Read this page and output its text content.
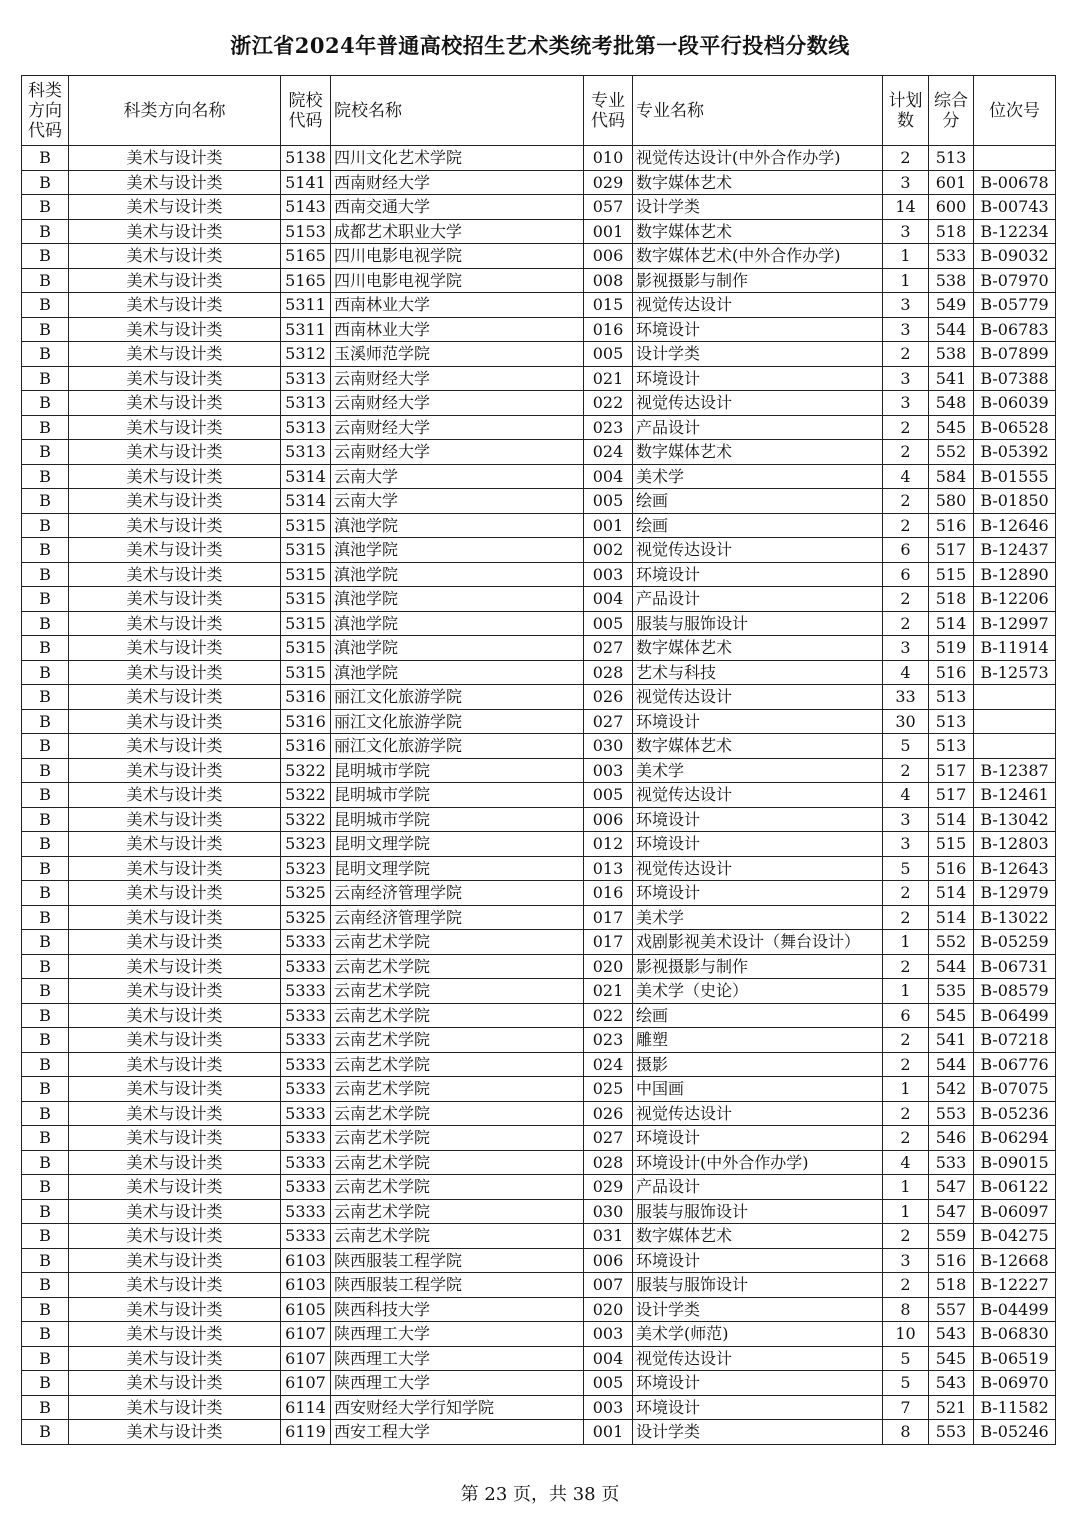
浙江省2024年普通高校招生艺术类统考批第一段平行投档分数线
科类方向代码	科类方向名称	院校代码	院校名称	专业代码	专业名称	计划数	综合分	位次号
B	美术与设计类	5138	四川文化艺术学院	010	视觉传达设计(中外合作办学)	2	513	
B	美术与设计类	5141	西南财经大学	029	数字媒体艺术	3	601	B-00678
B	美术与设计类	5143	西南交通大学	057	设计学类	14	600	B-00743
B	美术与设计类	5153	成都艺术职业大学	001	数字媒体艺术	3	518	B-12234
B	美术与设计类	5165	四川电影电视学院	006	数字媒体艺术(中外合作办学)	1	533	B-09032
B	美术与设计类	5165	四川电影电视学院	008	影视摄影与制作	1	538	B-07970
B	美术与设计类	5311	西南林业大学	015	视觉传达设计	3	549	B-05779
B	美术与设计类	5311	西南林业大学	016	环境设计	3	544	B-06783
B	美术与设计类	5312	玉溪师范学院	005	设计学类	2	538	B-07899
B	美术与设计类	5313	云南财经大学	021	环境设计	3	541	B-07388
B	美术与设计类	5313	云南财经大学	022	视觉传达设计	3	548	B-06039
B	美术与设计类	5313	云南财经大学	023	产品设计	2	545	B-06528
B	美术与设计类	5313	云南财经大学	024	数字媒体艺术	2	552	B-05392
B	美术与设计类	5314	云南大学	004	美术学	4	584	B-01555
B	美术与设计类	5314	云南大学	005	绘画	2	580	B-01850
B	美术与设计类	5315	滇池学院	001	绘画	2	516	B-12646
B	美术与设计类	5315	滇池学院	002	视觉传达设计	6	517	B-12437
B	美术与设计类	5315	滇池学院	003	环境设计	6	515	B-12890
B	美术与设计类	5315	滇池学院	004	产品设计	2	518	B-12206
B	美术与设计类	5315	滇池学院	005	服装与服饰设计	2	514	B-12997
B	美术与设计类	5315	滇池学院	027	数字媒体艺术	3	519	B-11914
B	美术与设计类	5315	滇池学院	028	艺术与科技	4	516	B-12573
B	美术与设计类	5316	丽江文化旅游学院	026	视觉传达设计	33	513	
B	美术与设计类	5316	丽江文化旅游学院	027	环境设计	30	513	
B	美术与设计类	5316	丽江文化旅游学院	030	数字媒体艺术	5	513	
B	美术与设计类	5322	昆明城市学院	003	美术学	2	517	B-12387
B	美术与设计类	5322	昆明城市学院	005	视觉传达设计	4	517	B-12461
B	美术与设计类	5322	昆明城市学院	006	环境设计	3	514	B-13042
B	美术与设计类	5323	昆明文理学院	012	环境设计	3	515	B-12803
B	美术与设计类	5323	昆明文理学院	013	视觉传达设计	5	516	B-12643
B	美术与设计类	5325	云南经济管理学院	016	环境设计	2	514	B-12979
B	美术与设计类	5325	云南经济管理学院	017	美术学	2	514	B-13022
B	美术与设计类	5333	云南艺术学院	017	戏剧影视美术设计（舞台设计）	1	552	B-05259
B	美术与设计类	5333	云南艺术学院	020	影视摄影与制作	2	544	B-06731
B	美术与设计类	5333	云南艺术学院	021	美术学（史论）	1	535	B-08579
B	美术与设计类	5333	云南艺术学院	022	绘画	6	545	B-06499
B	美术与设计类	5333	云南艺术学院	023	雕塑	2	541	B-07218
B	美术与设计类	5333	云南艺术学院	024	摄影	2	544	B-06776
B	美术与设计类	5333	云南艺术学院	025	中国画	1	542	B-07075
B	美术与设计类	5333	云南艺术学院	026	视觉传达设计	2	553	B-05236
B	美术与设计类	5333	云南艺术学院	027	环境设计	2	546	B-06294
B	美术与设计类	5333	云南艺术学院	028	环境设计(中外合作办学)	4	533	B-09015
B	美术与设计类	5333	云南艺术学院	029	产品设计	1	547	B-06122
B	美术与设计类	5333	云南艺术学院	030	服装与服饰设计	1	547	B-06097
B	美术与设计类	5333	云南艺术学院	031	数字媒体艺术	2	559	B-04275
B	美术与设计类	6103	陕西服装工程学院	006	环境设计	3	516	B-12668
B	美术与设计类	6103	陕西服装工程学院	007	服装与服饰设计	2	518	B-12227
B	美术与设计类	6105	陕西科技大学	020	设计学类	8	557	B-04499
B	美术与设计类	6107	陕西理工大学	003	美术学(师范)	10	543	B-06830
B	美术与设计类	6107	陕西理工大学	004	视觉传达设计	5	545	B-06519
B	美术与设计类	6107	陕西理工大学	005	环境设计	5	543	B-06970
B	美术与设计类	6114	西安财经大学行知学院	003	环境设计	7	521	B-11582
B	美术与设计类	6119	西安工程大学	001	设计学类	8	553	B-05246
第 23 页，共 38 页
